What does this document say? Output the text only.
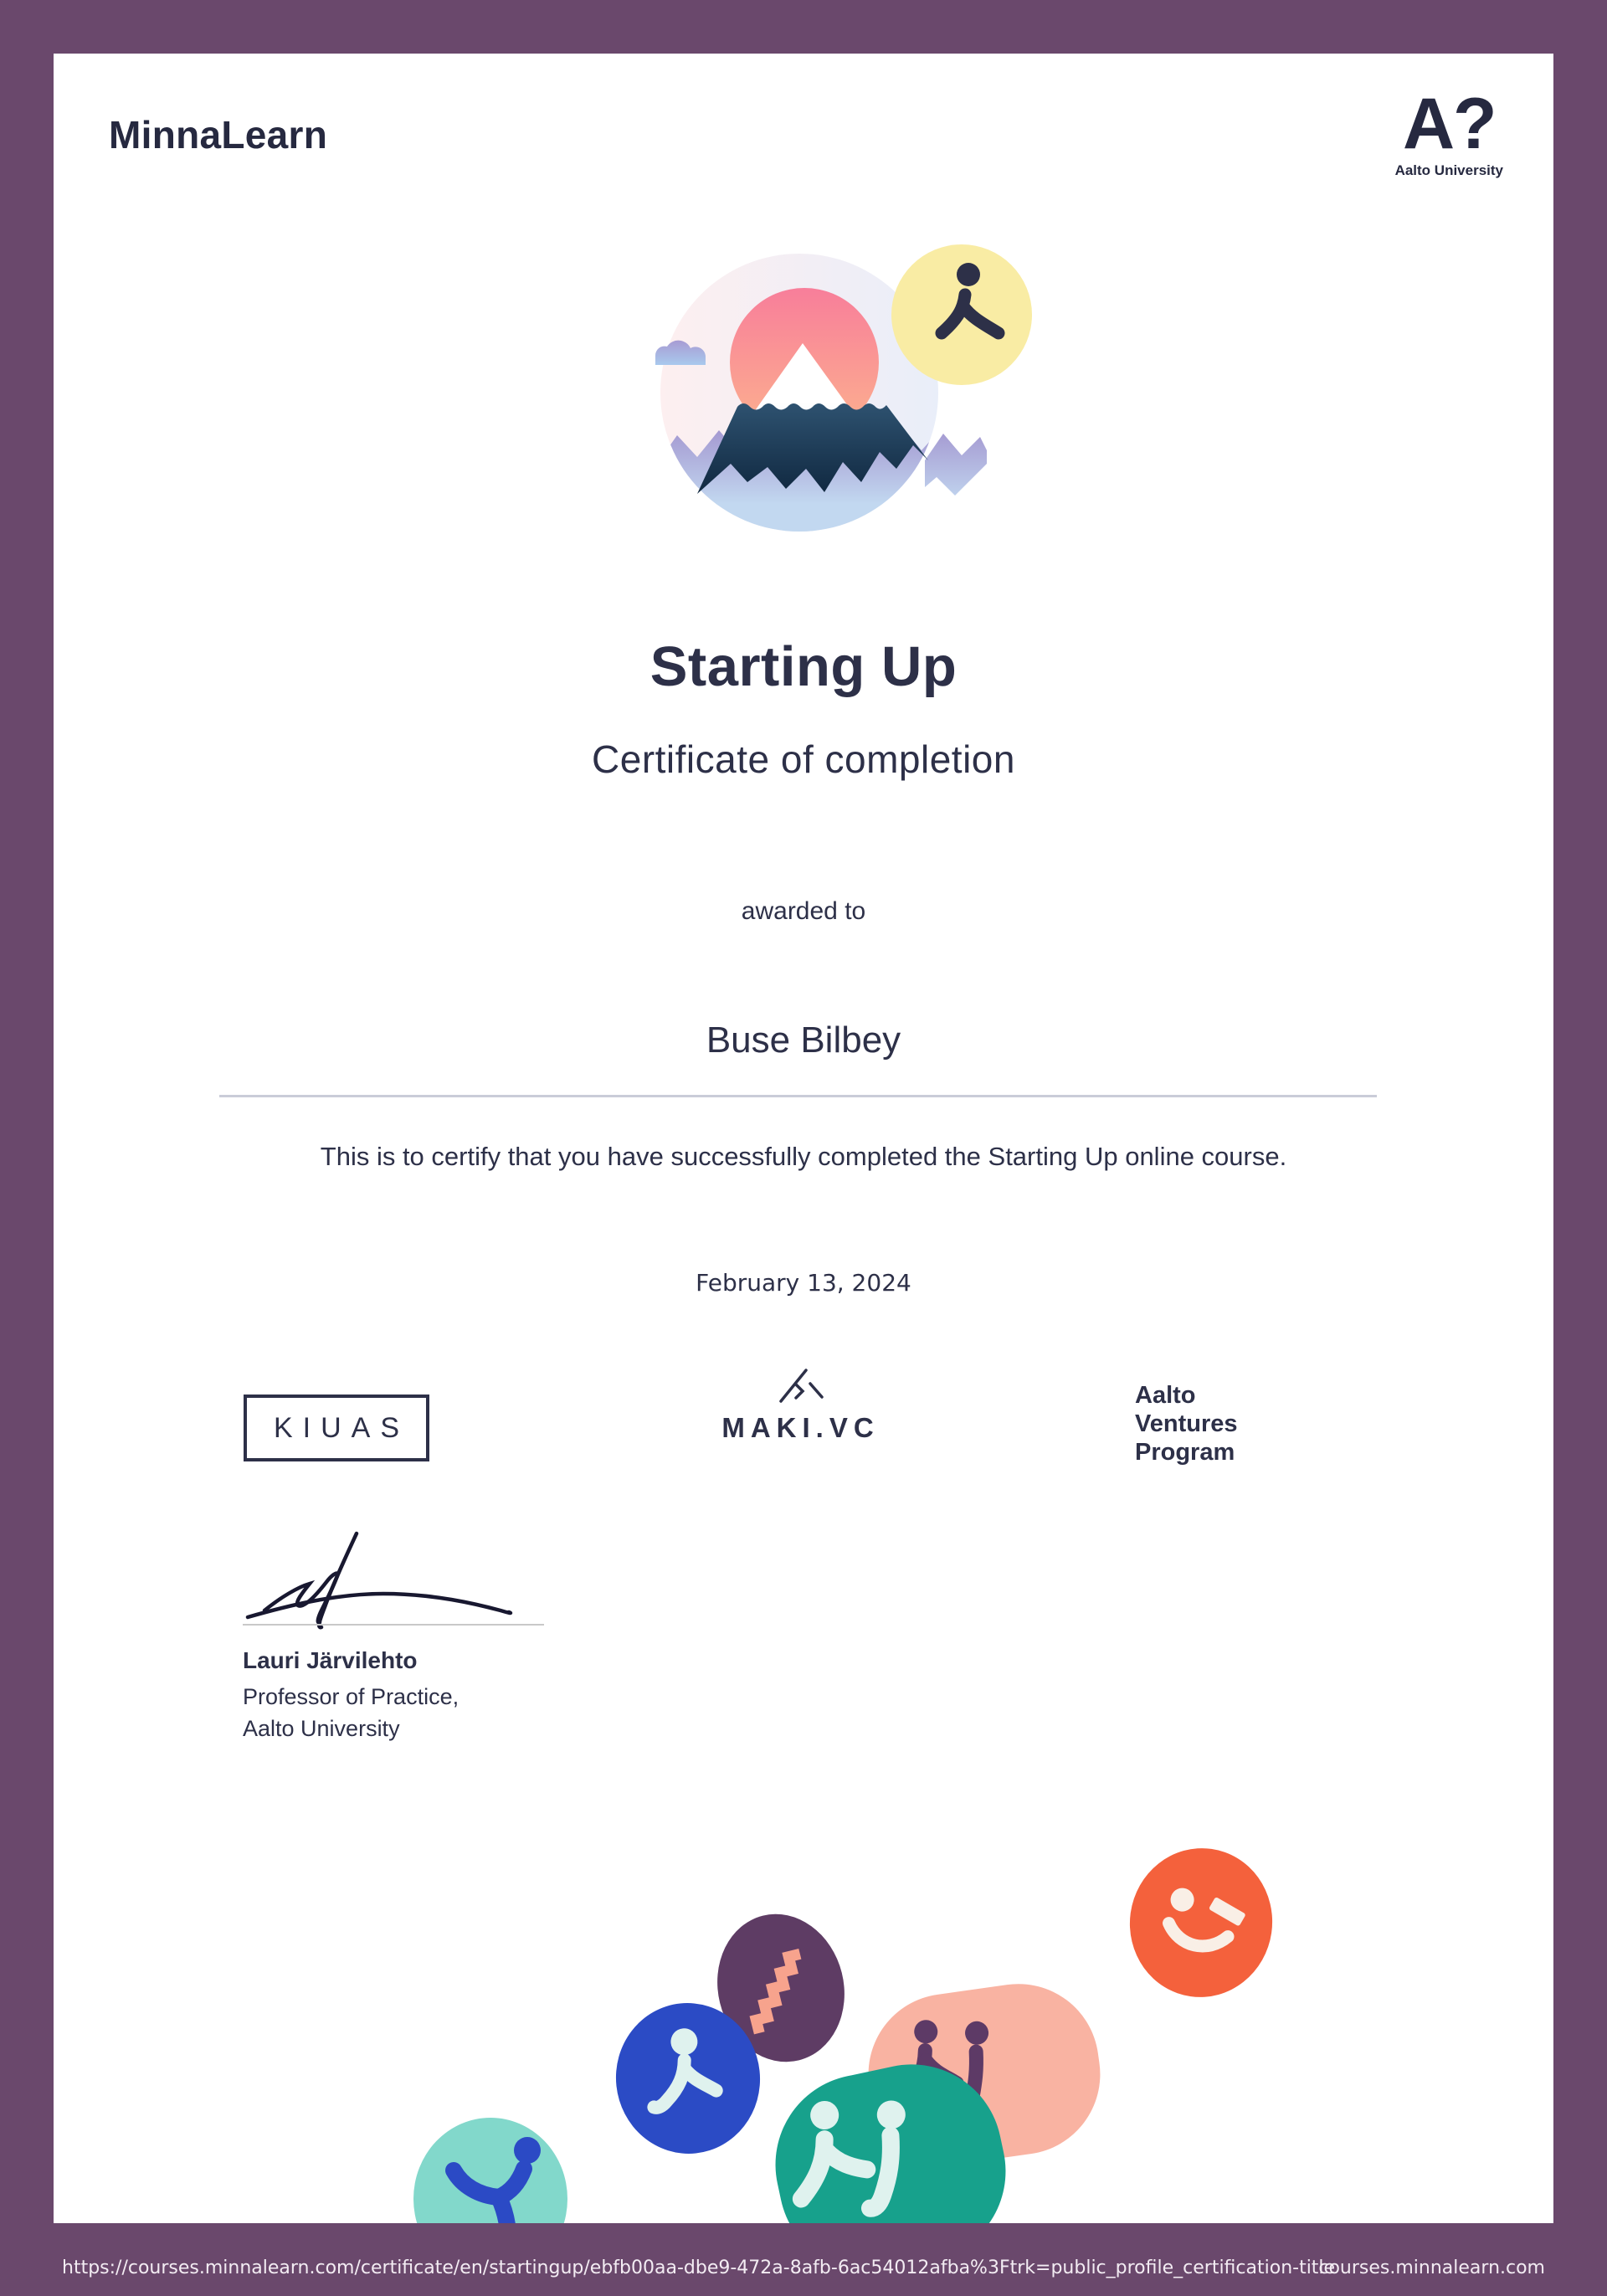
MinnaLearn	A?
Aalto University
Starting Up
Certificate of completion
awarded to
Buse Bilbey
This is to certify that you have successfully completed the Starting Up online course.
February 13, 2024
KIUAS	MAKI.VC
Aalto
Ventures
Program
Lauri Järvilehto
Professor of Practice,
Aalto University
https://courses.minnalearn.com/certificate/en/startingup/ebfb00aa-dbe9-472a-8afb-6ac54012afba%3Ftrk=public_profile_certification-title
courses.minnalearn.com
